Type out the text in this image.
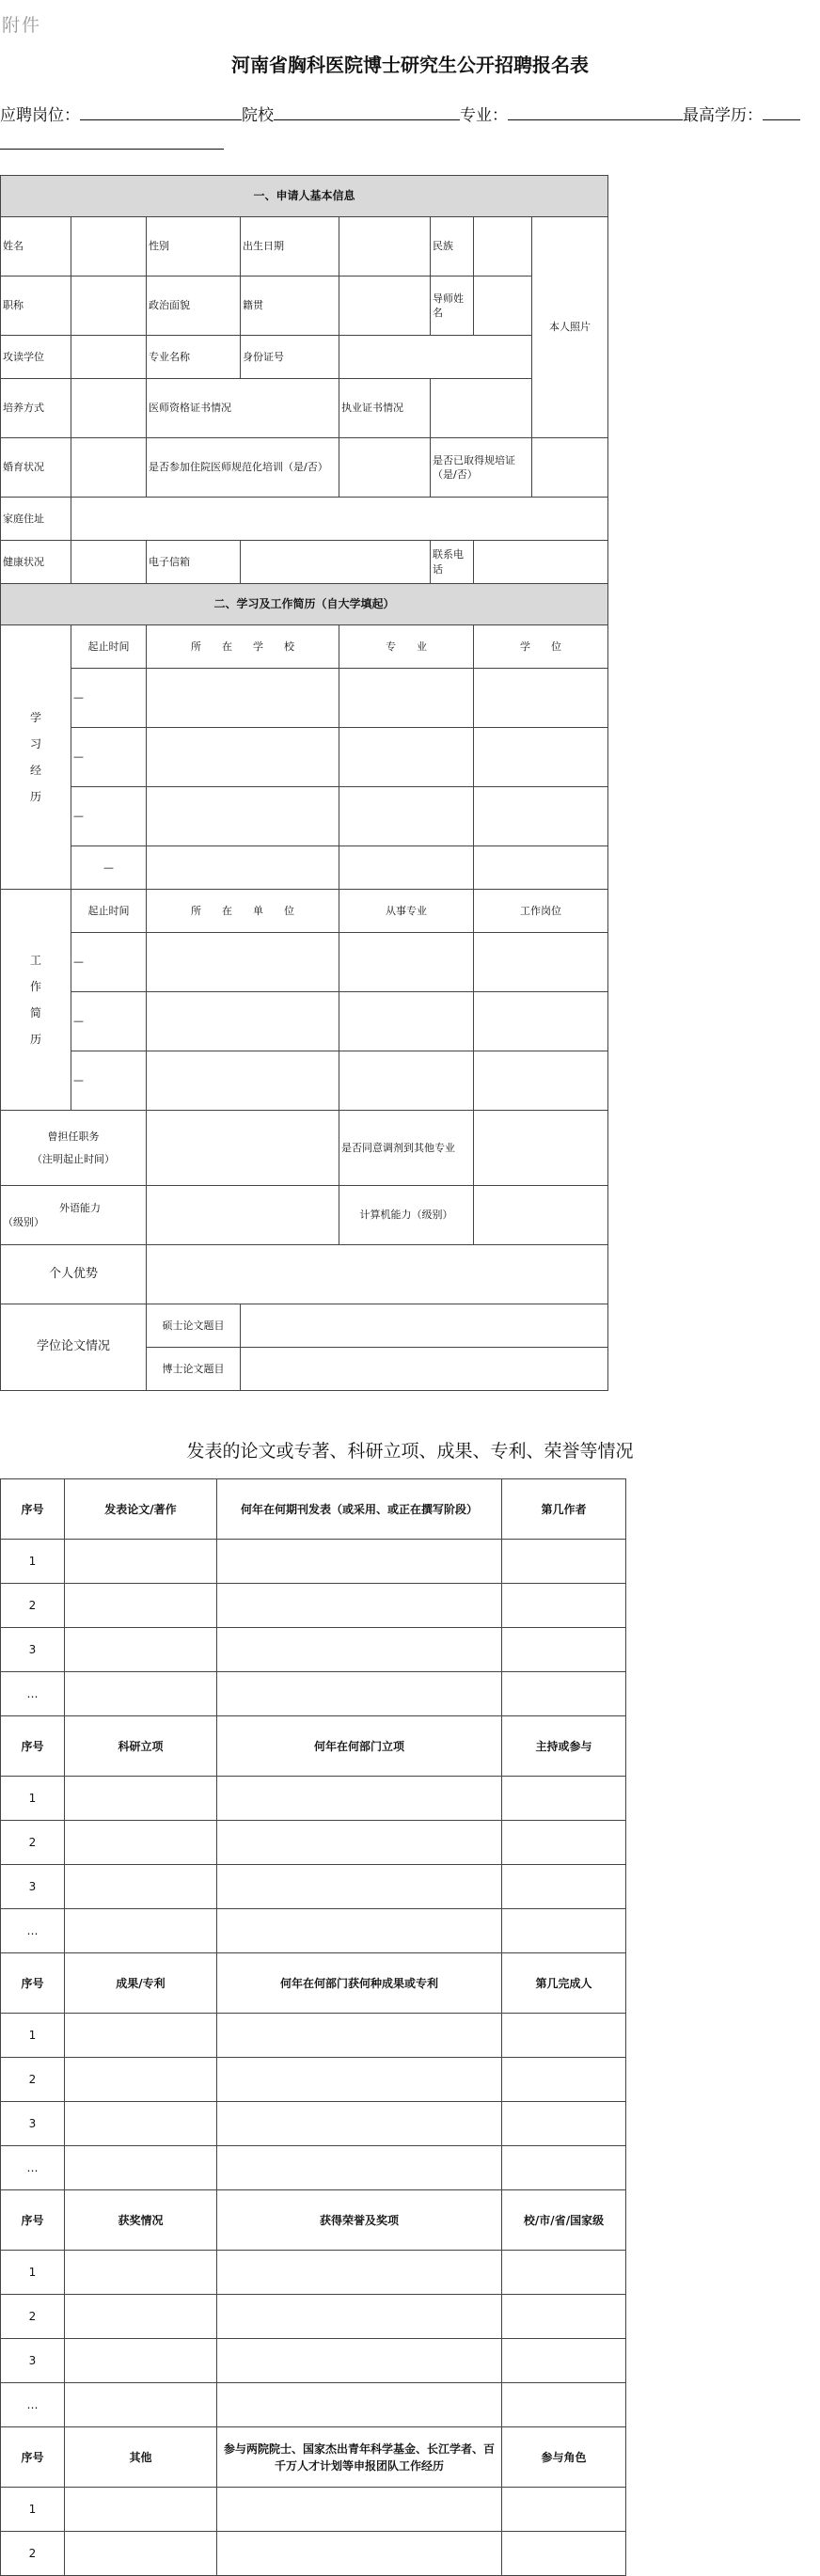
附件
河南省胸科医院博士研究生公开招聘报名表
应聘岗位：	院校	专业：	最高学历：
一、申请人基本信息							
姓名		性别	出生日期		民族		本人照片
职称		政治面貌	籍贯		导师姓名		
攻读学位		专业名称	身份证号				
培养方式		医师资格证书情况		执业证书情况			
婚育状况		是否参加住院医师规范化培训（是/否）			是否已取得规培证（是/否）		
家庭住址							
健康状况		电子信箱			联系电话		
二、学习及工作简历（自大学填起）							
学习经历	起止时间	所　　在　　学　　校		专　　业		学　　位	
	—						
	—						
	—						
	—						
工作简历	起止时间	所　　在　　单　　位		从事专业		工作岗位	
	—						
	—						
	—						

曾担任职务
（注明起止时间）				是否同意调剂到其他专业			

外语能力
（级别）				计算机能力（级别）			
个人优势							
学位论文情况		硕士论文题目					
		博士论文题目					
发表的论文或专著、科研立项、成果、专利、荣誉等情况
序号	发表论文/著作	何年在何期刊发表（或采用、或正在撰写阶段）	第几作者
1			
2			
3			
…			
序号	科研立项	何年在何部门立项	主持或参与
1			
2			
3			
…			
序号	成果/专利	何年在何部门获何种成果或专利	第几完成人
1			
2			
3			
…			
序号	获奖情况	获得荣誉及奖项	校/市/省/国家级
1			
2			
3			
…			
序号	其他	参与两院院士、国家杰出青年科学基金、长江学者、百千万人才计划等申报团队工作经历	参与角色
1			
2			
